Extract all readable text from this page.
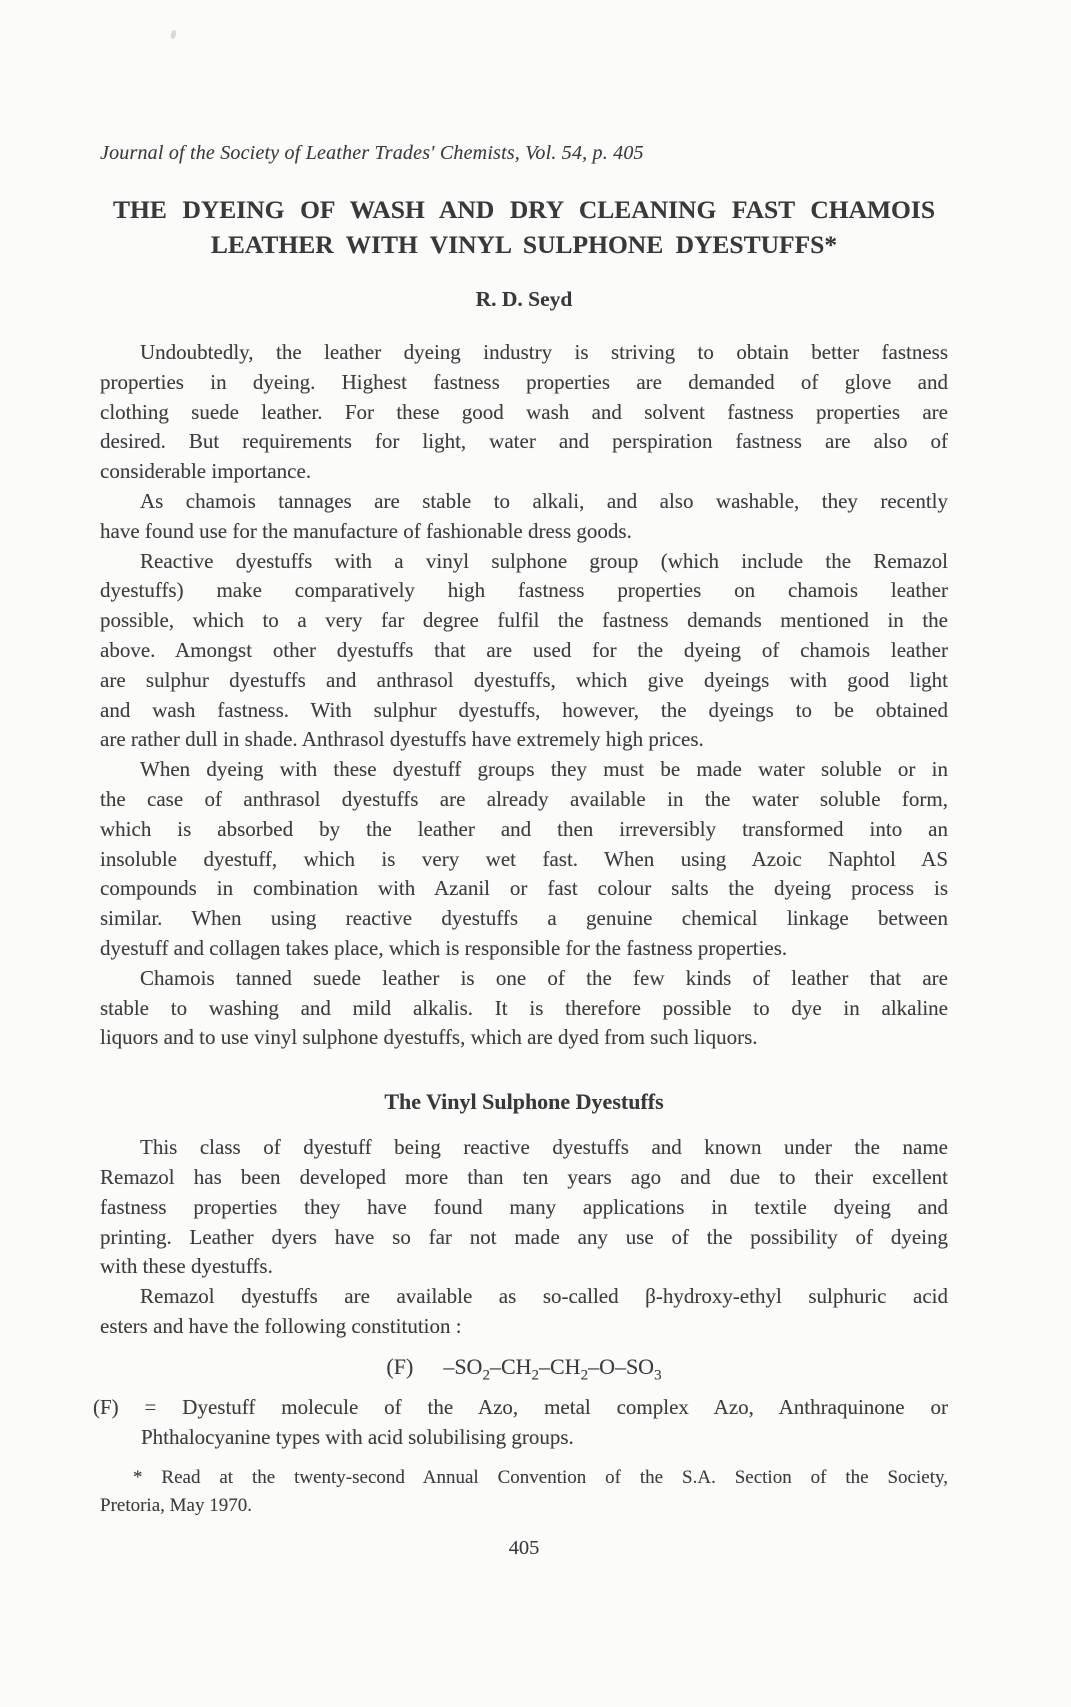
Journal of the Society of Leather Trades' Chemists, Vol. 54, p. 405
THE DYEING OF WASH AND DRY CLEANING FAST CHAMOIS
LEATHER WITH VINYL SULPHONE DYESTUFFS*
R. D. Seyd
Undoubtedly, the leather dyeing industry is striving to obtain better fastness
properties in dyeing. Highest fastness properties are demanded of glove and
clothing suede leather. For these good wash and solvent fastness properties are
desired. But requirements for light, water and perspiration fastness are also of
considerable importance.
As chamois tannages are stable to alkali, and also washable, they recently
have found use for the manufacture of fashionable dress goods.
Reactive dyestuffs with a vinyl sulphone group (which include the Remazol
dyestuffs) make comparatively high fastness properties on chamois leather
possible, which to a very far degree fulfil the fastness demands mentioned in the
above. Amongst other dyestuffs that are used for the dyeing of chamois leather
are sulphur dyestuffs and anthrasol dyestuffs, which give dyeings with good light
and wash fastness. With sulphur dyestuffs, however, the dyeings to be obtained
are rather dull in shade. Anthrasol dyestuffs have extremely high prices.
When dyeing with these dyestuff groups they must be made water soluble or in
the case of anthrasol dyestuffs are already available in the water soluble form,
which is absorbed by the leather and then irreversibly transformed into an
insoluble dyestuff, which is very wet fast. When using Azoic Naphtol AS
compounds in combination with Azanil or fast colour salts the dyeing process is
similar. When using reactive dyestuffs a genuine chemical linkage between
dyestuff and collagen takes place, which is responsible for the fastness properties.
Chamois tanned suede leather is one of the few kinds of leather that are
stable to washing and mild alkalis. It is therefore possible to dye in alkaline
liquors and to use vinyl sulphone dyestuffs, which are dyed from such liquors.
The Vinyl Sulphone Dyestuffs
This class of dyestuff being reactive dyestuffs and known under the name
Remazol has been developed more than ten years ago and due to their excellent
fastness properties they have found many applications in textile dyeing and
printing. Leather dyers have so far not made any use of the possibility of dyeing
with these dyestuffs.
Remazol dyestuffs are available as so-called β-hydroxy-ethyl sulphuric acid
esters and have the following constitution :
(F) $-SO_2-CH_2-CH_2-O-SO_3$
(F) = Dyestuff molecule of the Azo, metal complex Azo, Anthraquinone or
Phthalocyanine types with acid solubilising groups.
* Read at the twenty-second Annual Convention of the S.A. Section of the Society,
Pretoria, May 1970.
405
